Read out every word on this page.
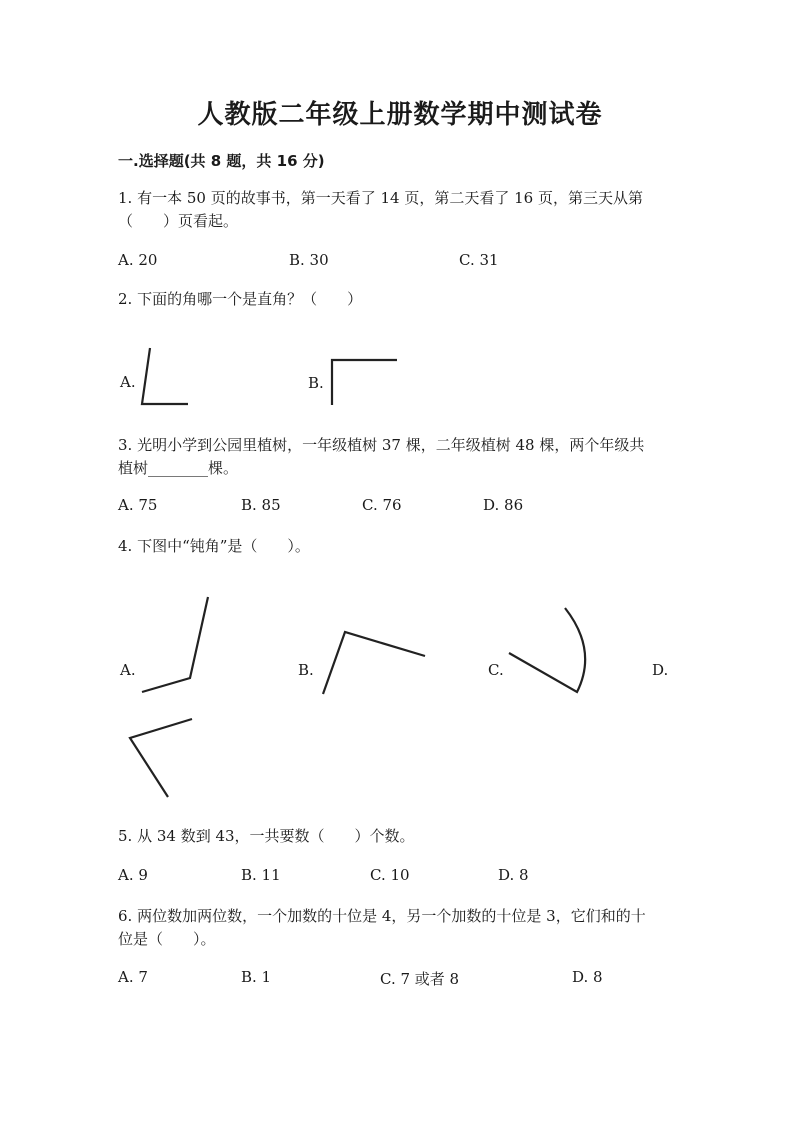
人教版二年级上册数学期中测试卷
一.选择题(共 8 题，共 16 分)
1. 有一本 50 页的故事书，第一天看了 14 页，第二天看了 16 页，第三天从第
（　　）页看起。
A. 20	B. 30	C. 31
2. 下面的角哪一个是直角？（　　）
A.	B.
3. 光明小学到公园里植树，一年级植树 37 棵，二年级植树 48 棵，两个年级共
植树________棵。
A. 75	B. 85	C. 76	D. 86
4. 下图中“钝角”是（　　）。
A.	B.	C.	D.
5. 从 34 数到 43，一共要数（　　）个数。
A. 9	B. 11	C. 10	D. 8
6. 两位数加两位数，一个加数的十位是 4，另一个加数的十位是 3，它们和的十
位是（　　）。
A. 7	B. 1	C. 7 或者 8	D. 8
